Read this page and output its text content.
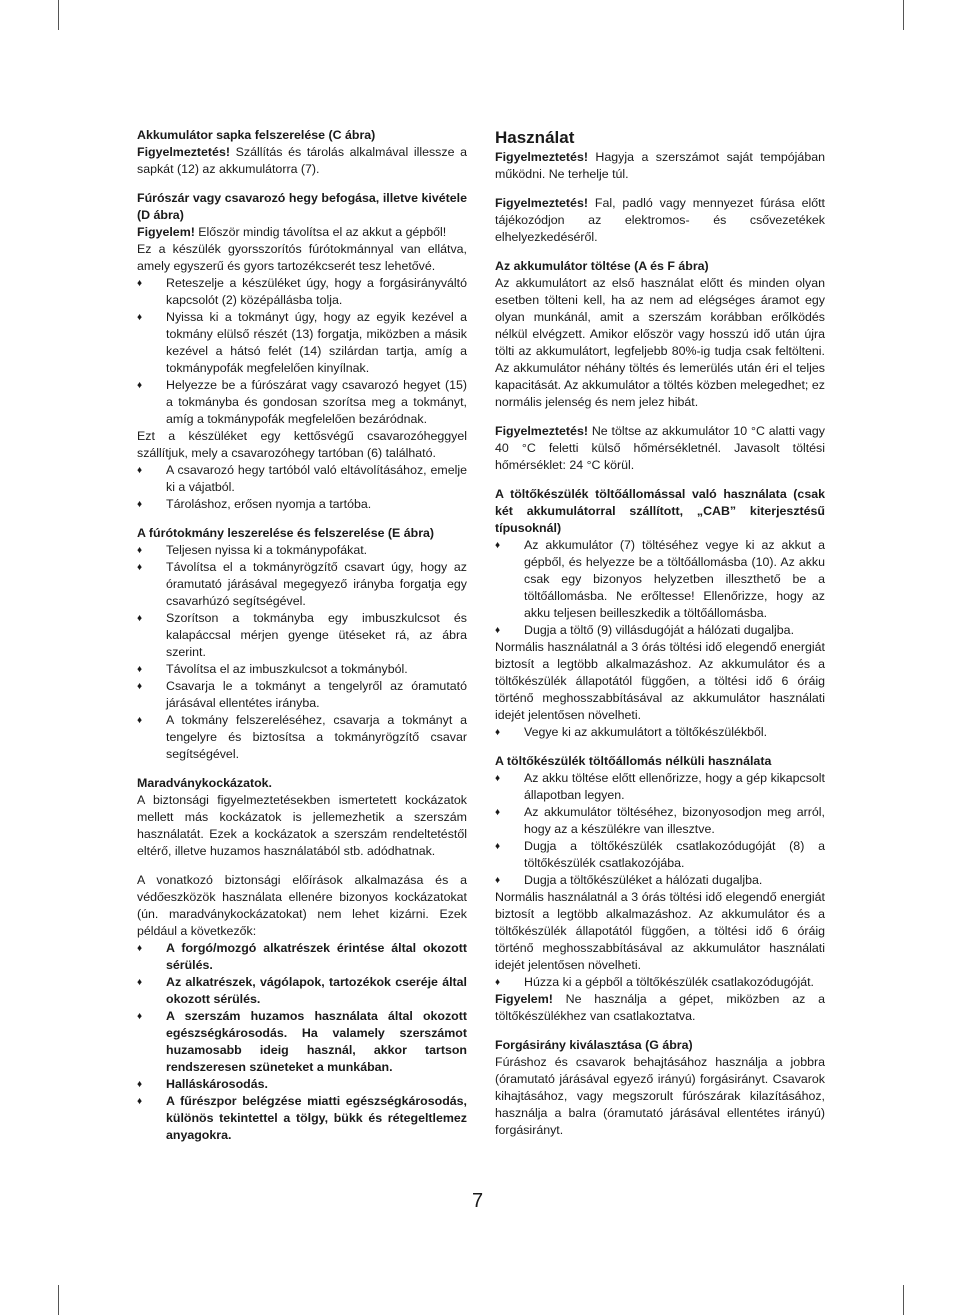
Akkumulátor sapka felszerelése (C ábra)

Figyelmeztetés! Szállítás és tárolás alkalmával illessze a sapkát (12) az akkumulátorra (7).

Fúrószár vagy csavarozó hegy befogása, illetve kivétele (D ábra)

Figyelem! Először mindig távolítsa el az akkut a gépből!

Ez a készülék gyorsszorítós fúrótokmánnyal van ellátva, amely egyszerű és gyors tartozékcserét tesz lehetővé.

♦	Reteszelje a készüléket úgy, hogy a forgásirányváltó kapcsolót (2) középállásba tolja.
♦	Nyissa ki a tokmányt úgy, hogy az egyik kezével a tokmány elülső részét (13) forgatja, miközben a másik kezével a hátsó felét (14) szilárdan tartja, amíg a tokmánypofák megfelelően kinyílnak.
♦	Helyezze be a fúrószárat vagy csavarozó hegyet (15) a tokmányba és gondosan szorítsa meg a tokmányt, amíg a tokmánypofák megfelelően bezáródnak.

Ezt a készüléket egy kettősvégű csavarozóheggyel szállítjuk, mely a csavarozóhegy tartóban (6) található.

♦	A csavarozó hegy tartóból való eltávolításához, emelje ki a vájatból.
♦	Tároláshoz, erősen nyomja a tartóba.

A fúrótokmány leszerelése és felszerelése (E ábra)

♦	Teljesen nyissa ki a tokmánypofákat.
♦	Távolítsa el a tokmányrögzítő csavart úgy, hogy az óramutató járásával megegyező irányba forgatja egy csavarhúzó segítségével.
♦	Szorítson a tokmányba egy imbuszkulcsot és kalapáccsal mérjen gyenge ütéseket rá, az ábra szerint.
♦	Távolítsa el az imbuszkulcsot a tokmányból.
♦	Csavarja le a tokmányt a tengelyről az óramutató járásával ellentétes irányba.
♦	A tokmány felszereléséhez, csavarja a tokmányt a tengelyre és biztosítsa a tokmányrögzítő csavar segítségével.

Maradványkockázatok.

A biztonsági figyelmeztetésekben ismertetett kockázatok mellett más kockázatok is jellemezhetik a szerszám használatát. Ezek a kockázatok a szerszám rendeltetéstől eltérő, illetve huzamos használatából stb. adódhatnak.

A vonatkozó biztonsági előírások alkalmazása és a védőeszközök használata ellenére bizonyos kockázatokat (ún. maradványkockázatokat) nem lehet kizárni. Ezek például a következők:

♦	A forgó/mozgó alkatrészek érintése által okozott sérülés.
♦	Az alkatrészek, vágólapok, tartozékok cseréje által okozott sérülés.
♦	A szerszám huzamos használata által okozott egészségkárosodás. Ha valamely szerszámot huzamosabb ideig használ, akkor tartson rendszeresen szüneteket a munkában.
♦	Halláskárosodás.
♦	A fűrészpor belégzése miatti egészségkárosodás, különös tekintettel a tölgy, bükk és rétegeltlemez anyagokra.

Használat

Figyelmeztetés! Hagyja a szerszámot saját tempójában működni. Ne terhelje túl.

Figyelmeztetés! Fal, padló vagy mennyezet fúrása előtt tájékozódjon az elektromos- és csővezetékek elhelyezkedéséről.

Az akkumulátor töltése (A és F ábra)

Az akkumulátort az első használat előtt és minden olyan esetben tölteni kell, ha az nem ad elégséges áramot egy olyan munkánál, amit a szerszám korábban erőlködés nélkül elvégzett. Amikor először vagy hosszú idő után újra tölti az akkumulátort, legfeljebb 80%-ig tudja csak feltölteni. Az akkumulátor néhány töltés és lemerülés után éri el teljes kapacitását. Az akkumulátor a töltés közben melegedhet; ez normális jelenség és nem jelez hibát.

Figyelmeztetés! Ne töltse az akkumulátor 10 °C alatti vagy 40 °C feletti külső hőmérsékletnél. Javasolt töltési hőmérséklet: 24 °C körül.

A töltőkészülék töltőállomással való használata (csak két akkumulátorral szállított, „CAB” kiterjesztésű típusoknál)

♦	Az akkumulátor (7) töltéséhez vegye ki az akkut a gépből, és helyezze be a töltőállomásba (10). Az akku csak egy bizonyos helyzetben illeszthető be a töltőállomásba. Ne erőltesse! Ellenőrizze, hogy az akku teljesen beilleszkedik a töltőállomásba.
♦	Dugja a töltő (9) villásdugóját a hálózati dugaljba.

Normális használatnál a 3 órás töltési idő elegendő energiát biztosít a legtöbb alkalmazáshoz. Az akkumulátor és a töltőkészülék állapotától függően, a töltési idő 6 óráig történő meghosszabbításával az akkumulátor használati idejét jelentősen növelheti.

♦	Vegye ki az akkumulátort a töltőkészülékből.

A töltőkészülék töltőállomás nélküli használata

♦	Az akku töltése előtt ellenőrizze, hogy a gép kikapcsolt állapotban legyen.
♦	Az akkumulátor töltéséhez, bizonyosodjon meg arról, hogy az a készülékre van illesztve.
♦	Dugja a töltőkészülék csatlakozódugóját (8) a töltőkészülék csatlakozójába.
♦	Dugja a töltőkészüléket a hálózati dugaljba.

Normális használatnál a 3 órás töltési idő elegendő energiát biztosít a legtöbb alkalmazáshoz. Az akkumulátor és a töltőkészülék állapotától függően, a töltési idő 6 óráig történő meghosszabbításával az akkumulátor használati idejét jelentősen növelheti.

♦	Húzza ki a gépből a töltőkészülék csatlakozódugóját.

Figyelem! Ne használja a gépet, miközben az a töltőkészülékhez van csatlakoztatva.

Forgásirány kiválasztása (G ábra)

Fúráshoz és csavarok behajtásához használja a jobbra (óramutató járásával egyező irányú) forgásirányt. Csavarok kihajtásához, vagy megszorult fúrószárak kilazításához, használja a balra (óramutató járásával ellentétes irányú) forgásirányt.

7
